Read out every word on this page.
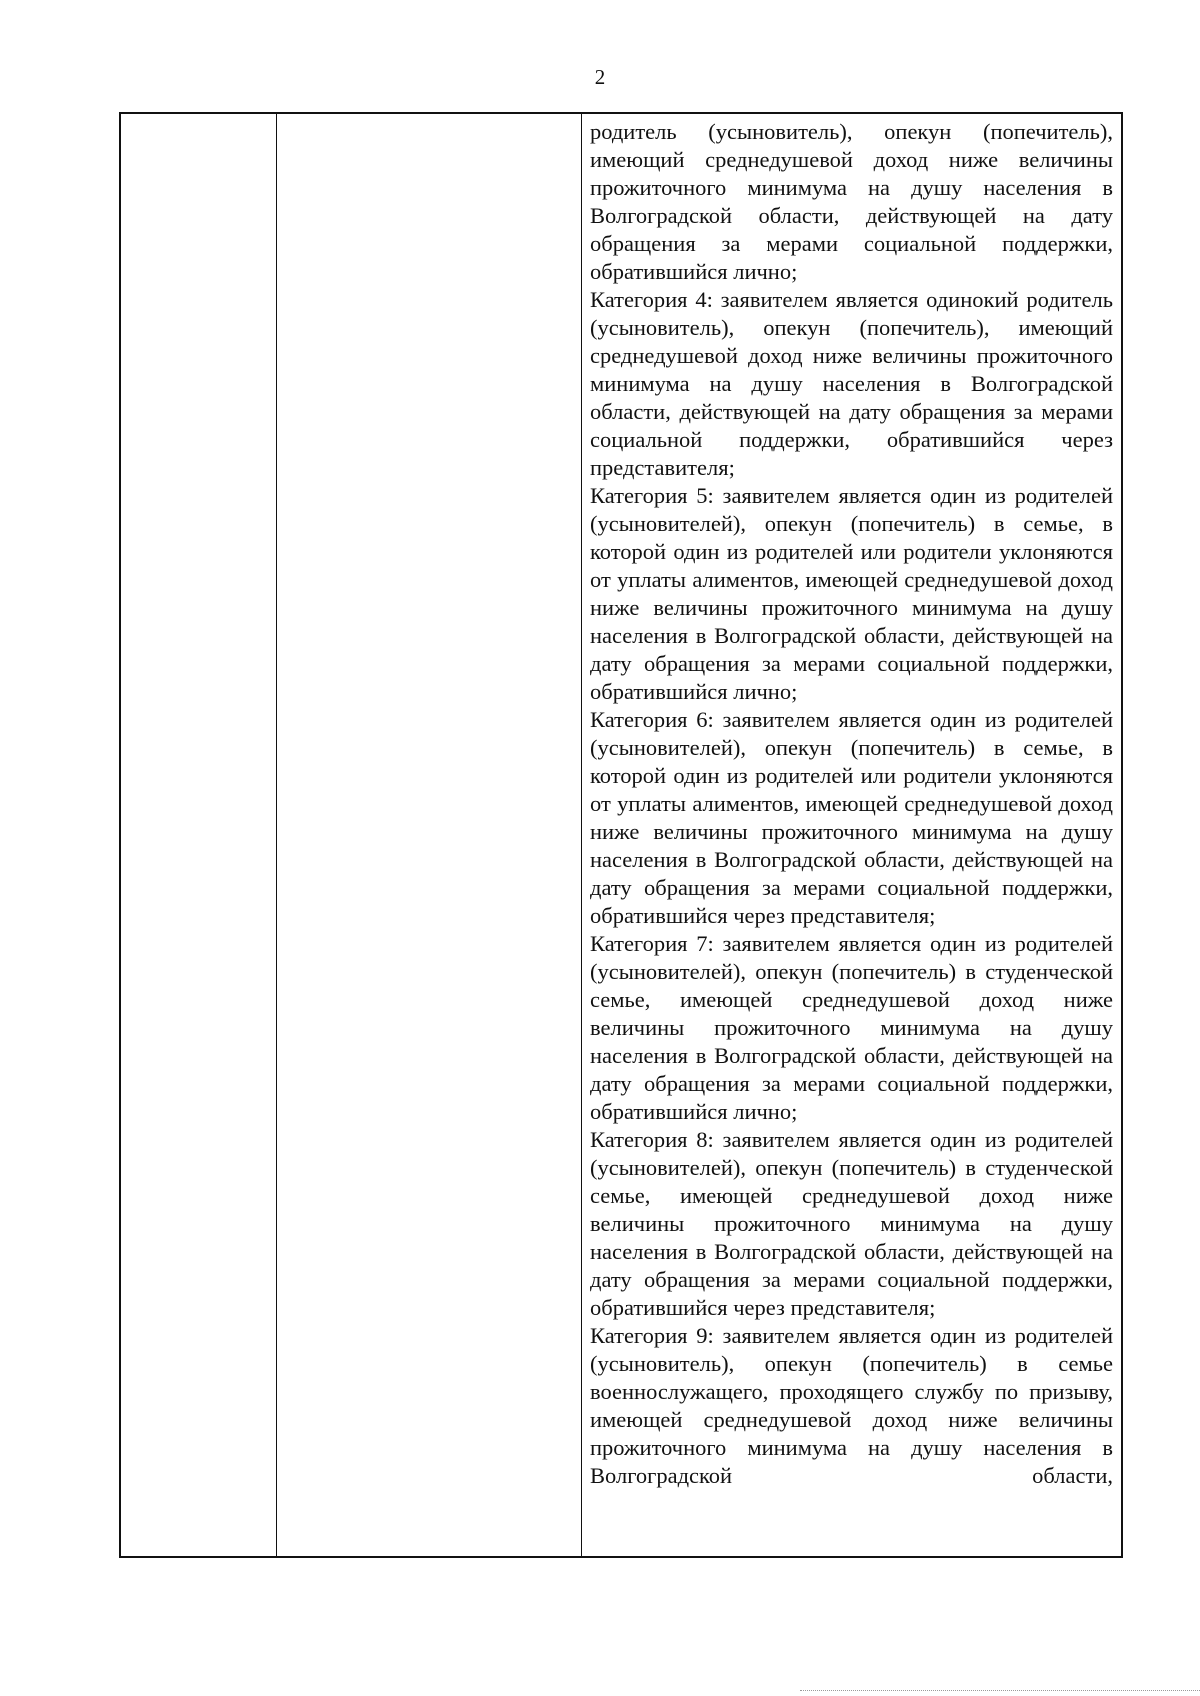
2

родитель (усыновитель), опекун (попечитель), имеющий среднедушевой доход ниже величины прожиточного минимума на душу населения в Волгоградской области, действующей на дату обращения за мерами социальной поддержки, обратившийся лично;

Категория 4: заявителем является одинокий родитель (усыновитель), опекун (попечитель), имеющий среднедушевой доход ниже величины прожиточного минимума на душу населения в Волгоградской области, действующей на дату обращения за мерами социальной поддержки, обратившийся через представителя;

Категория 5: заявителем является один из родителей (усыновителей), опекун (попечитель) в семье, в которой один из родителей или родители уклоняются от уплаты алиментов, имеющей среднедушевой доход ниже величины прожиточного минимума на душу населения в Волгоградской области, действующей на дату обращения за мерами социальной поддержки, обратившийся лично;

Категория 6: заявителем является один из родителей (усыновителей), опекун (попечитель) в семье, в которой один из родителей или родители уклоняются от уплаты алиментов, имеющей среднедушевой доход ниже величины прожиточного минимума на душу населения в Волгоградской области, действующей на дату обращения за мерами социальной поддержки, обратившийся через представителя;

Категория 7: заявителем является один из родителей (усыновителей), опекун (попечитель) в студенческой семье, имеющей среднедушевой доход ниже величины прожиточного минимума на душу населения в Волгоградской области, действующей на дату обращения за мерами социальной поддержки, обратившийся лично;

Категория 8: заявителем является один из родителей (усыновителей), опекун (попечитель) в студенческой семье, имеющей среднедушевой доход ниже величины прожиточного минимума на душу населения в Волгоградской области, действующей на дату обращения за мерами социальной поддержки, обратившийся через представителя;

Категория 9: заявителем является один из родителей (усыновитель), опекун (попечитель) в семье военнослужащего, проходящего службу по призыву, имеющей среднедушевой доход ниже величины прожиточного минимума на душу населения в Волгоградской области,
